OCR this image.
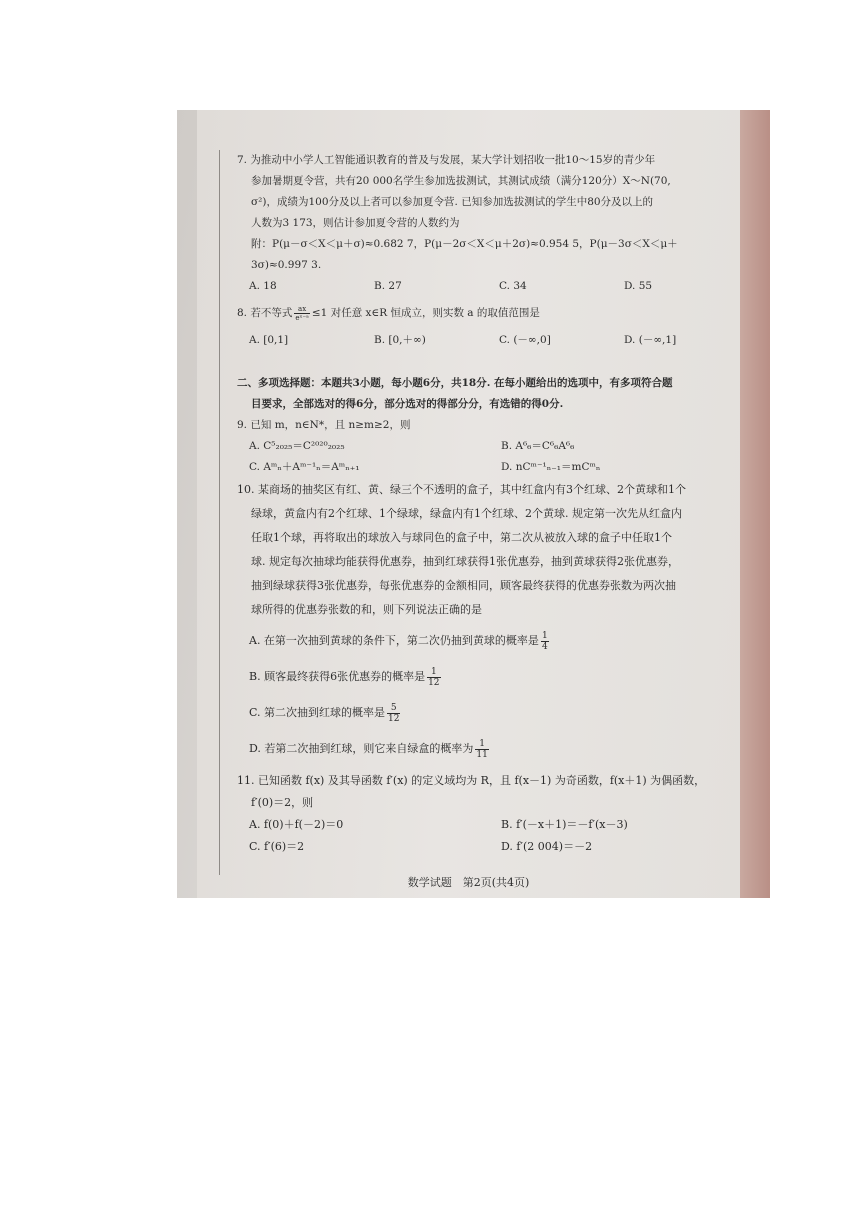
7. 为推动中小学人工智能通识教育的普及与发展，某大学计划招收一批10～15岁的青少年
参加暑期夏令营，共有20 000名学生参加选拔测试，其测试成绩（满分120分）X～N(70,
σ²)，成绩为100分及以上者可以参加夏令营. 已知参加选拔测试的学生中80分及以上的
人数为3 173，则估计参加夏令营的人数约为
附：P(μ－σ＜X＜μ＋σ)≈0.682 7，P(μ－2σ＜X＜μ＋2σ)≈0.954 5，P(μ－3σ＜X＜μ＋
3σ)≈0.997 3.
A. 18	B. 27	C. 34	D. 55
8. 若不等式 $\frac{ax}{\text{eˣ⁻ᵃ}} \le 1$ 对任意 x∈R 恒成立，则实数 a 的取值范围是
A. [0,1]	B. [0,＋∞)	C. (－∞,0]	D. (－∞,1]
二、多项选择题：本题共3小题，每小题6分，共18分. 在每小题给出的选项中，有多项符合题
目要求，全部选对的得6分，部分选对的得部分分，有选错的得0分.
9. 已知 m，n∈N*，且 n≥m≥2，则
A. C⁵₂₀₂₅＝C²⁰²⁰₂₀₂₅	B. A⁶₆＝C⁶₆A⁶₆
C. Aᵐₙ＋Aᵐ⁻¹ₙ＝Aᵐₙ₊₁	D. nCᵐ⁻¹ₙ₋₁＝mCᵐₙ
10. 某商场的抽奖区有红、黄、绿三个不透明的盒子，其中红盒内有3个红球、2个黄球和1个
绿球，黄盒内有2个红球、1个绿球，绿盒内有1个红球、2个黄球. 规定第一次先从红盒内
任取1个球，再将取出的球放入与球同色的盒子中，第二次从被放入球的盒子中任取1个
球. 规定每次抽球均能获得优惠券，抽到红球获得1张优惠券，抽到黄球获得2张优惠券，
抽到绿球获得3张优惠券，每张优惠券的金额相同，顾客最终获得的优惠券张数为两次抽
球所得的优惠券张数的和，则下列说法正确的是
A. 在第一次抽到黄球的条件下，第二次仍抽到黄球的概率是 $\frac{1}{4}$
B. 顾客最终获得6张优惠券的概率是 $\frac{1}{12}$
C. 第二次抽到红球的概率是 $\frac{5}{12}$
D. 若第二次抽到红球，则它来自绿盒的概率为 $\frac{1}{11}$
11. 已知函数 f(x) 及其导函数 f′(x) 的定义域均为 R，且 f(x－1) 为奇函数，f(x＋1) 为偶函数，
f′(0)＝2，则
A. f(0)＋f(－2)＝0	B. f′(－x＋1)＝－f′(x－3)
C. f′(6)＝2	D. f′(2 004)＝－2
数学试题　第2页(共4页)
